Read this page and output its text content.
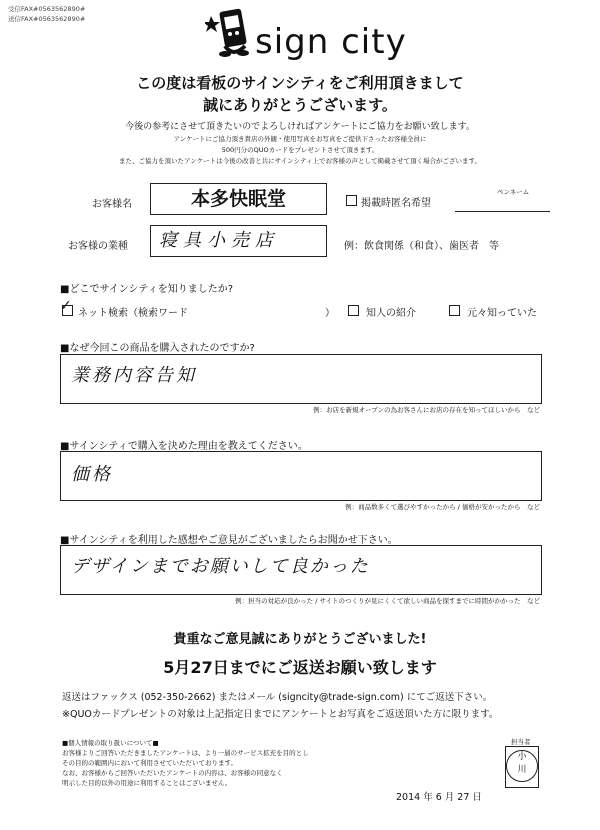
受信FAX#0563562890#
送信FAX#0563562890#
sign city
この度は看板のサインシティをご利用頂きまして
誠にありがとうございます。
今後の参考にさせて頂きたいのでよろしければアンケートにご協力をお願い致します。
アンケートにご協力頂き貴店の外観・使用写真をお写真をご提供下さったお客様全員に
500円分のQUOカードをプレゼントさせて頂きます。
また、ご協力を頂いたアンケートは今後の改善と共にサインシティ上でお客様の声として掲載させて頂く場合がございます。
お客様名	本多快眠堂	掲載時匿名希望
ペンネーム
お客様の業種	寝具小売店	例：飲食関係（和食）、歯医者　等
■どこでサインシティを知りましたか?
✓ ネット検索（検索ワード	）	知人の紹介	元々知っていた
■なぜ今回この商品を購入されたのですか?
業務内容告知
例：お店を新規オープンの為お客さんにお店の存在を知ってほしいから　など
■サインシティで購入を決めた理由を教えてください。
価格
例：商品数多くて選びやすかったから / 価格が安かったから　など
■サインシティを利用した感想やご意見がございましたらお聞かせ下さい。
デザインまでお願いして良かった
例：担当の対応が良かった / サイトのつくりが見にくくて欲しい商品を探すまでに時間がかかった　など
貴重なご意見誠にありがとうございました!
5月27日までにご返送お願い致します
返送はファックス (052-350-2662) またはメール (signcity@trade-sign.com) にてご返送下さい。
※QUOカードプレゼントの対象は上記指定日までにアンケートとお写真をご返送頂いた方に限ります。
■個人情報の取り扱いについて■
お客様よりご回答いただきましたアンケートは、より一層のサービス拡充を目的とし
その目的の範囲内において利用させていただいております。
なお、お客様からご回答いただいたアンケートの内容は、お客様の同意なく
明示した目的以外の用途に利用することはございません。
担当者
小
川
2014 年 6 月 27 日
